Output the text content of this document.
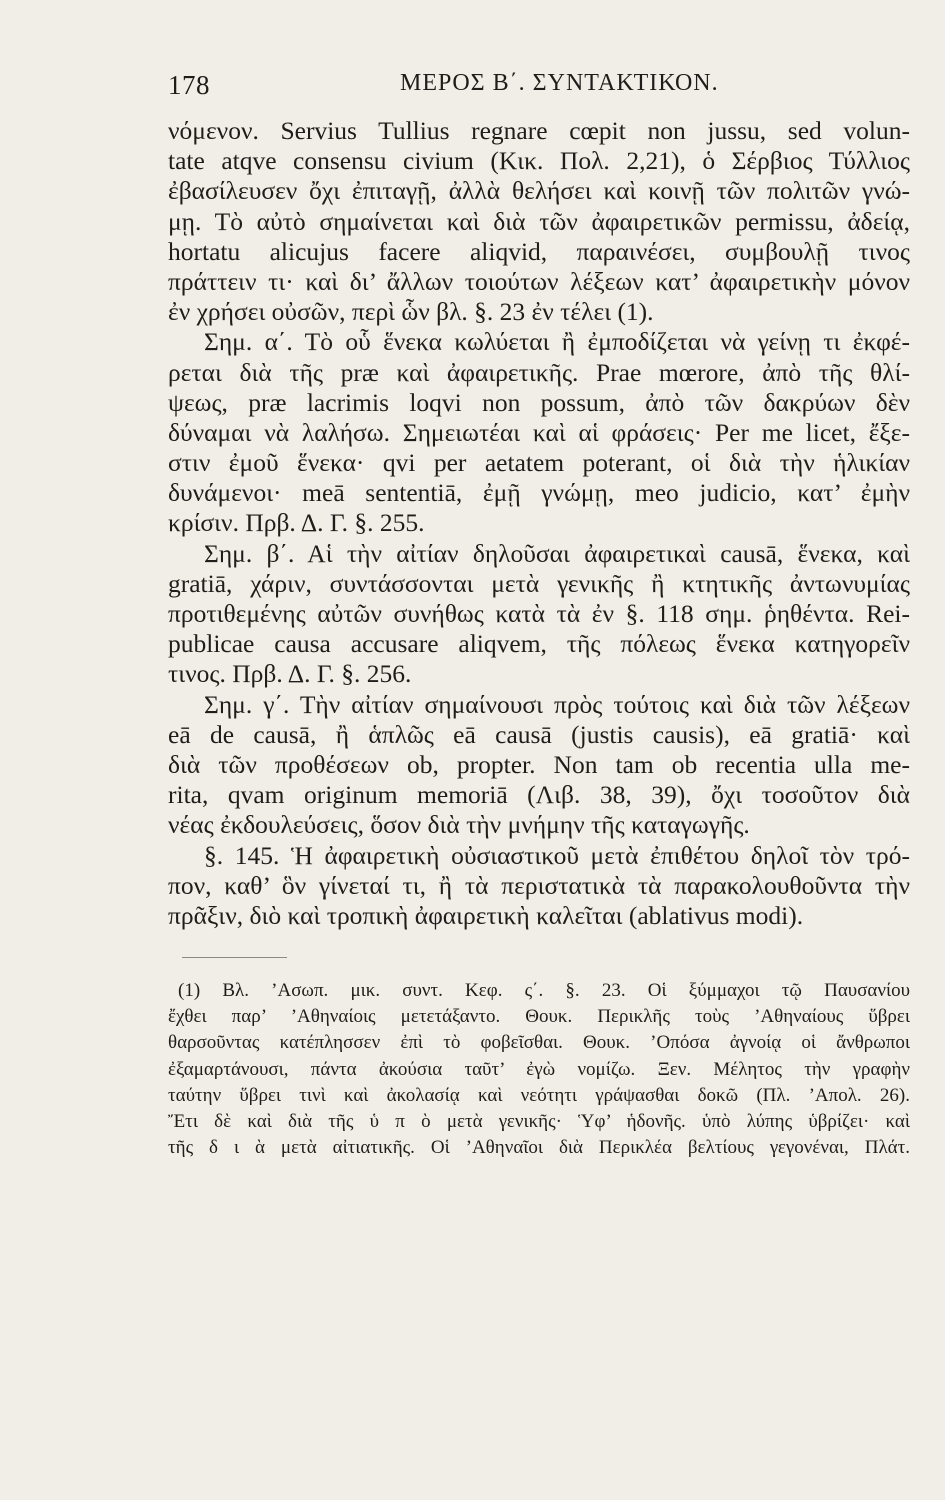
178	ΜΕΡΟΣ Β΄. ΣΥΝΤΑΚΤΙΚΟΝ.
νόμενον. Servius Tullius regnare cœpit non jussu, sed volun-
tate atqve consensu civium (Κικ. Πολ. 2,21), ὁ Σέρβιος Τύλλιος
ἐβασίλευσεν ὄχι ἐπιταγῇ, ἀλλὰ θελήσει καὶ κοινῇ τῶν πολιτῶν γνώ-
μῃ. Τὸ αὐτὸ σημαίνεται καὶ διὰ τῶν ἀφαιρετικῶν permissu, ἀδείᾳ,
hortatu alicujus facere aliqvid, παραινέσει, συμβουλῇ τινος
πράττειν τι· καὶ δι’ ἄλλων τοιούτων λέξεων κατ’ ἀφαιρετικὴν μόνον
ἐν χρήσει οὐσῶν, περὶ ὧν βλ. §. 23 ἐν τέλει (1).
Σημ. α΄. Τὸ οὗ ἕνεκα κωλύεται ἢ ἐμποδίζεται νὰ γείνῃ τι ἐκφέ-
ρεται διὰ τῆς præ καὶ ἀφαιρετικῆς. Prae mœrore, ἀπὸ τῆς θλί-
ψεως, præ lacrimis loqvi non possum, ἀπὸ τῶν δακρύων δὲν
δύναμαι νὰ λαλήσω. Σημειωτέαι καὶ αἱ φράσεις· Per me licet, ἔξε-
στιν ἐμοῦ ἕνεκα· qvi per aetatem poterant, οἱ διὰ τὴν ἡλικίαν
δυνάμενοι· meā sententiā, ἐμῇ γνώμῃ, meo judicio, κατ’ ἐμὴν
κρίσιν. Πρβ. Δ. Γ. §. 255.
Σημ. β΄. Αἱ τὴν αἰτίαν δηλοῦσαι ἀφαιρετικαὶ causā, ἕνεκα, καὶ
gratiā, χάριν, συντάσσονται μετὰ γενικῆς ἢ κτητικῆς ἀντωνυμίας
προτιθεμένης αὐτῶν συνήθως κατὰ τὰ ἐν §. 118 σημ. ῥηθέντα. Rei-
publicae causa accusare aliqvem, τῆς πόλεως ἕνεκα κατηγορεῖν
τινος. Πρβ. Δ. Γ. §. 256.
Σημ. γ΄. Τὴν αἰτίαν σημαίνουσι πρὸς τούτοις καὶ διὰ τῶν λέξεων
eā de causā, ἢ ἁπλῶς eā causā (justis causis), eā gratiā· καὶ
διὰ τῶν προθέσεων ob, propter. Non tam ob recentia ulla me-
rita, qvam originum memoriā (Λιβ. 38, 39), ὄχι τοσοῦτον διὰ
νέας ἐκδουλεύσεις, ὅσον διὰ τὴν μνήμην τῆς καταγωγῆς.
§. 145. Ἡ ἀφαιρετικὴ οὐσιαστικοῦ μετὰ ἐπιθέτου δηλοῖ τὸν τρό-
πον, καθ’ ὃν γίνεταί τι, ἢ τὰ περιστατικὰ τὰ παρακολουθοῦντα τὴν
πρᾶξιν, διὸ καὶ τροπικὴ ἀφαιρετικὴ καλεῖται (ablativus modi).
(1) Βλ. ’Ασωπ. μικ. συντ. Κεφ. ς΄. §. 23. Οἱ ξύμμαχοι τῷ Παυσανίου
ἔχθει παρ’ ’Αθηναίοις μετετάξαντο. Θουκ. Περικλῆς τοὺς ’Αθηναίους ὕβρει
θαρσοῦντας κατέπλησσεν ἐπὶ τὸ φοβεῖσθαι. Θουκ. ’Οπόσα ἀγνοίᾳ οἱ ἄνθρωποι
ἐξαμαρτάνουσι, πάντα ἀκούσια ταῦτ’ ἐγὼ νομίζω. Ξεν. Μέλητος τὴν γραφὴν
ταύτην ὕβρει τινὶ καὶ ἀκολασίᾳ καὶ νεότητι γράψασθαι δοκῶ (Πλ. ’Απολ. 26).
Ἔτι δὲ καὶ διὰ τῆς ὑ π ὸ μετὰ γενικῆς· Ὑφ’ ἡδονῆς. ὑπὸ λύπης ὑβρίζει· καὶ
τῆς δ ι ὰ μετὰ αἰτιατικῆς. Οἱ ’Αθηναῖοι διὰ Περικλέα βελτίους γεγονέναι, Πλάτ.
